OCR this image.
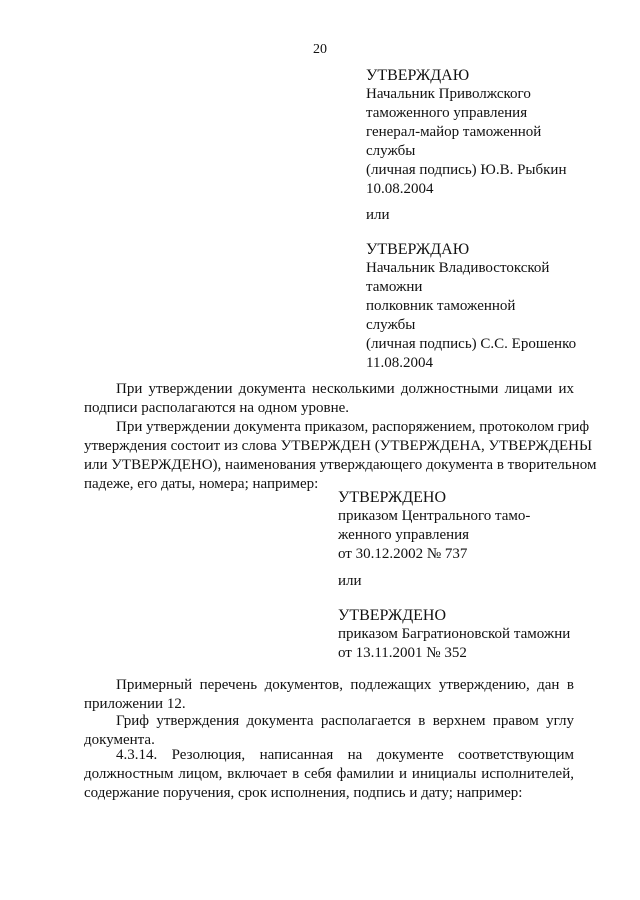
20
УТВЕРЖДАЮ
Начальник Приволжского
таможенного управления
генерал-майор таможенной
службы
(личная подпись) Ю.В. Рыбкин
10.08.2004
или
УТВЕРЖДАЮ
Начальник Владивостокской
таможни
полковник таможенной
службы
(личная подпись) С.С. Ерошенко
11.08.2004
При утверждении документа несколькими должностными лицами их
подписи располагаются на одном уровне.
При утверждении документа приказом, распоряжением, протоколом гриф
утверждения состоит из слова УТВЕРЖДЕН (УТВЕРЖДЕНА, УТВЕРЖДЕНЫ
или УТВЕРЖДЕНО), наименования утверждающего документа в творительном
падеже, его даты, номера; например:
УТВЕРЖДЕНО
приказом Центрального тамо-
женного управления
от 30.12.2002 № 737
или
УТВЕРЖДЕНО
приказом Багратионовской таможни
от 13.11.2001 № 352
Примерный перечень документов, подлежащих утверждению, дан в
приложении 12.
Гриф утверждения документа располагается в верхнем правом углу
документа.
4.3.14. Резолюция, написанная на документе соответствующим
должностным лицом, включает в себя фамилии и инициалы исполнителей,
содержание поручения, срок исполнения, подпись и дату; например:
